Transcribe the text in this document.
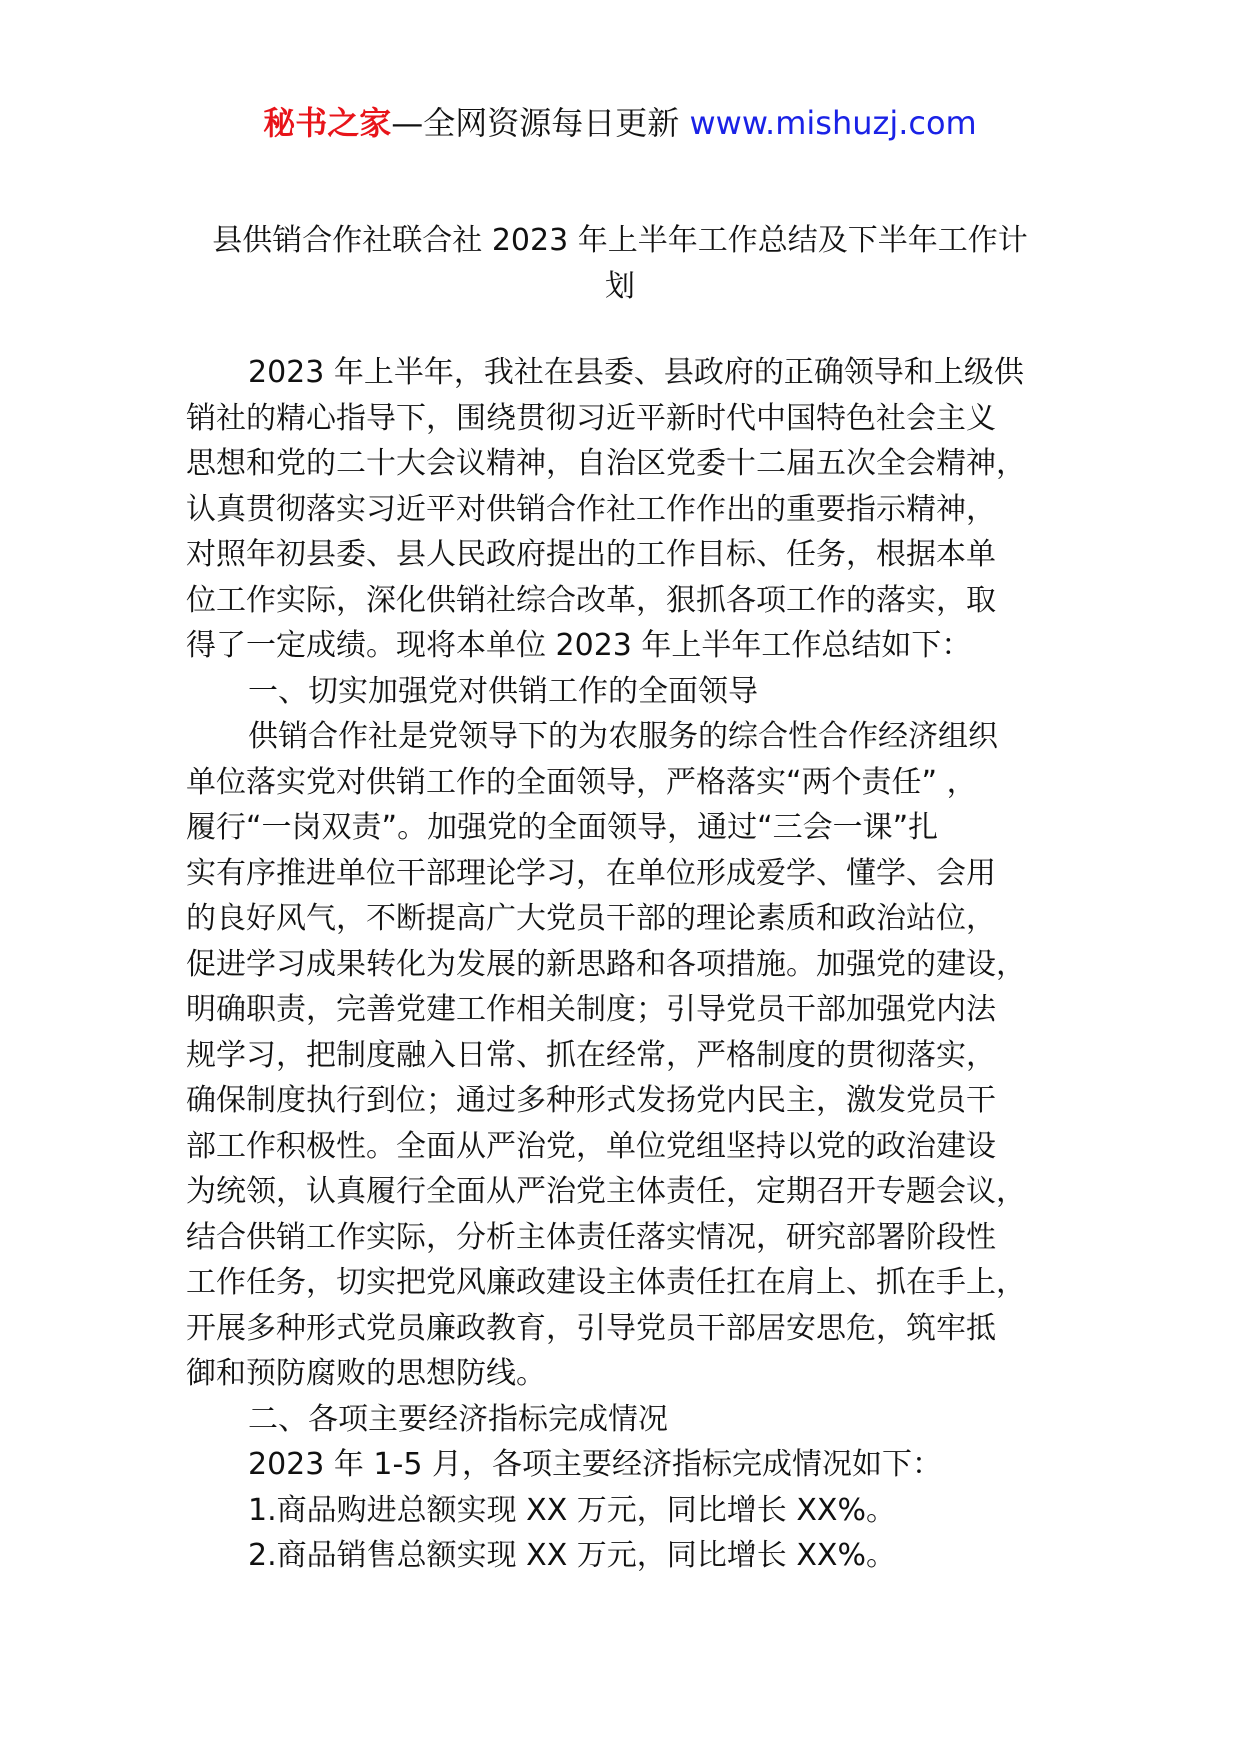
秘书之家—全网资源每日更新 www.mishuzj.com
县供销合作社联合社 2023 年上半年工作总结及下半年工作计
划
2023 年上半年，我社在县委、县政府的正确领导和上级供
销社的精心指导下，围绕贯彻习近平新时代中国特色社会主义
思想和党的二十大会议精神，自治区党委十二届五次全会精神，
认真贯彻落实习近平对供销合作社工作作出的重要指示精神，
对照年初县委、县人民政府提出的工作目标、任务，根据本单
位工作实际，深化供销社综合改革，狠抓各项工作的落实，取
得了一定成绩。现将本单位 2023 年上半年工作总结如下：
一、切实加强党对供销工作的全面领导
供销合作社是党领导下的为农服务的综合性合作经济组织
单位落实党对供销工作的全面领导，严格落实“两个责任” ，
履行“一岗双责”。加强党的全面领导，通过“三会一课”扎
实有序推进单位干部理论学习，在单位形成爱学、懂学、会用
的良好风气，不断提高广大党员干部的理论素质和政治站位，
促进学习成果转化为发展的新思路和各项措施。加强党的建设，
明确职责，完善党建工作相关制度；引导党员干部加强党内法
规学习，把制度融入日常、抓在经常，严格制度的贯彻落实，
确保制度执行到位；通过多种形式发扬党内民主，激发党员干
部工作积极性。全面从严治党，单位党组坚持以党的政治建设
为统领，认真履行全面从严治党主体责任，定期召开专题会议，
结合供销工作实际，分析主体责任落实情况，研究部署阶段性
工作任务，切实把党风廉政建设主体责任扛在肩上、抓在手上，
开展多种形式党员廉政教育，引导党员干部居安思危，筑牢抵
御和预防腐败的思想防线。
二、各项主要经济指标完成情况
2023 年 1-5 月，各项主要经济指标完成情况如下：
1.商品购进总额实现 XX 万元，同比增长 XX%。
2.商品销售总额实现 XX 万元，同比增长 XX%。
